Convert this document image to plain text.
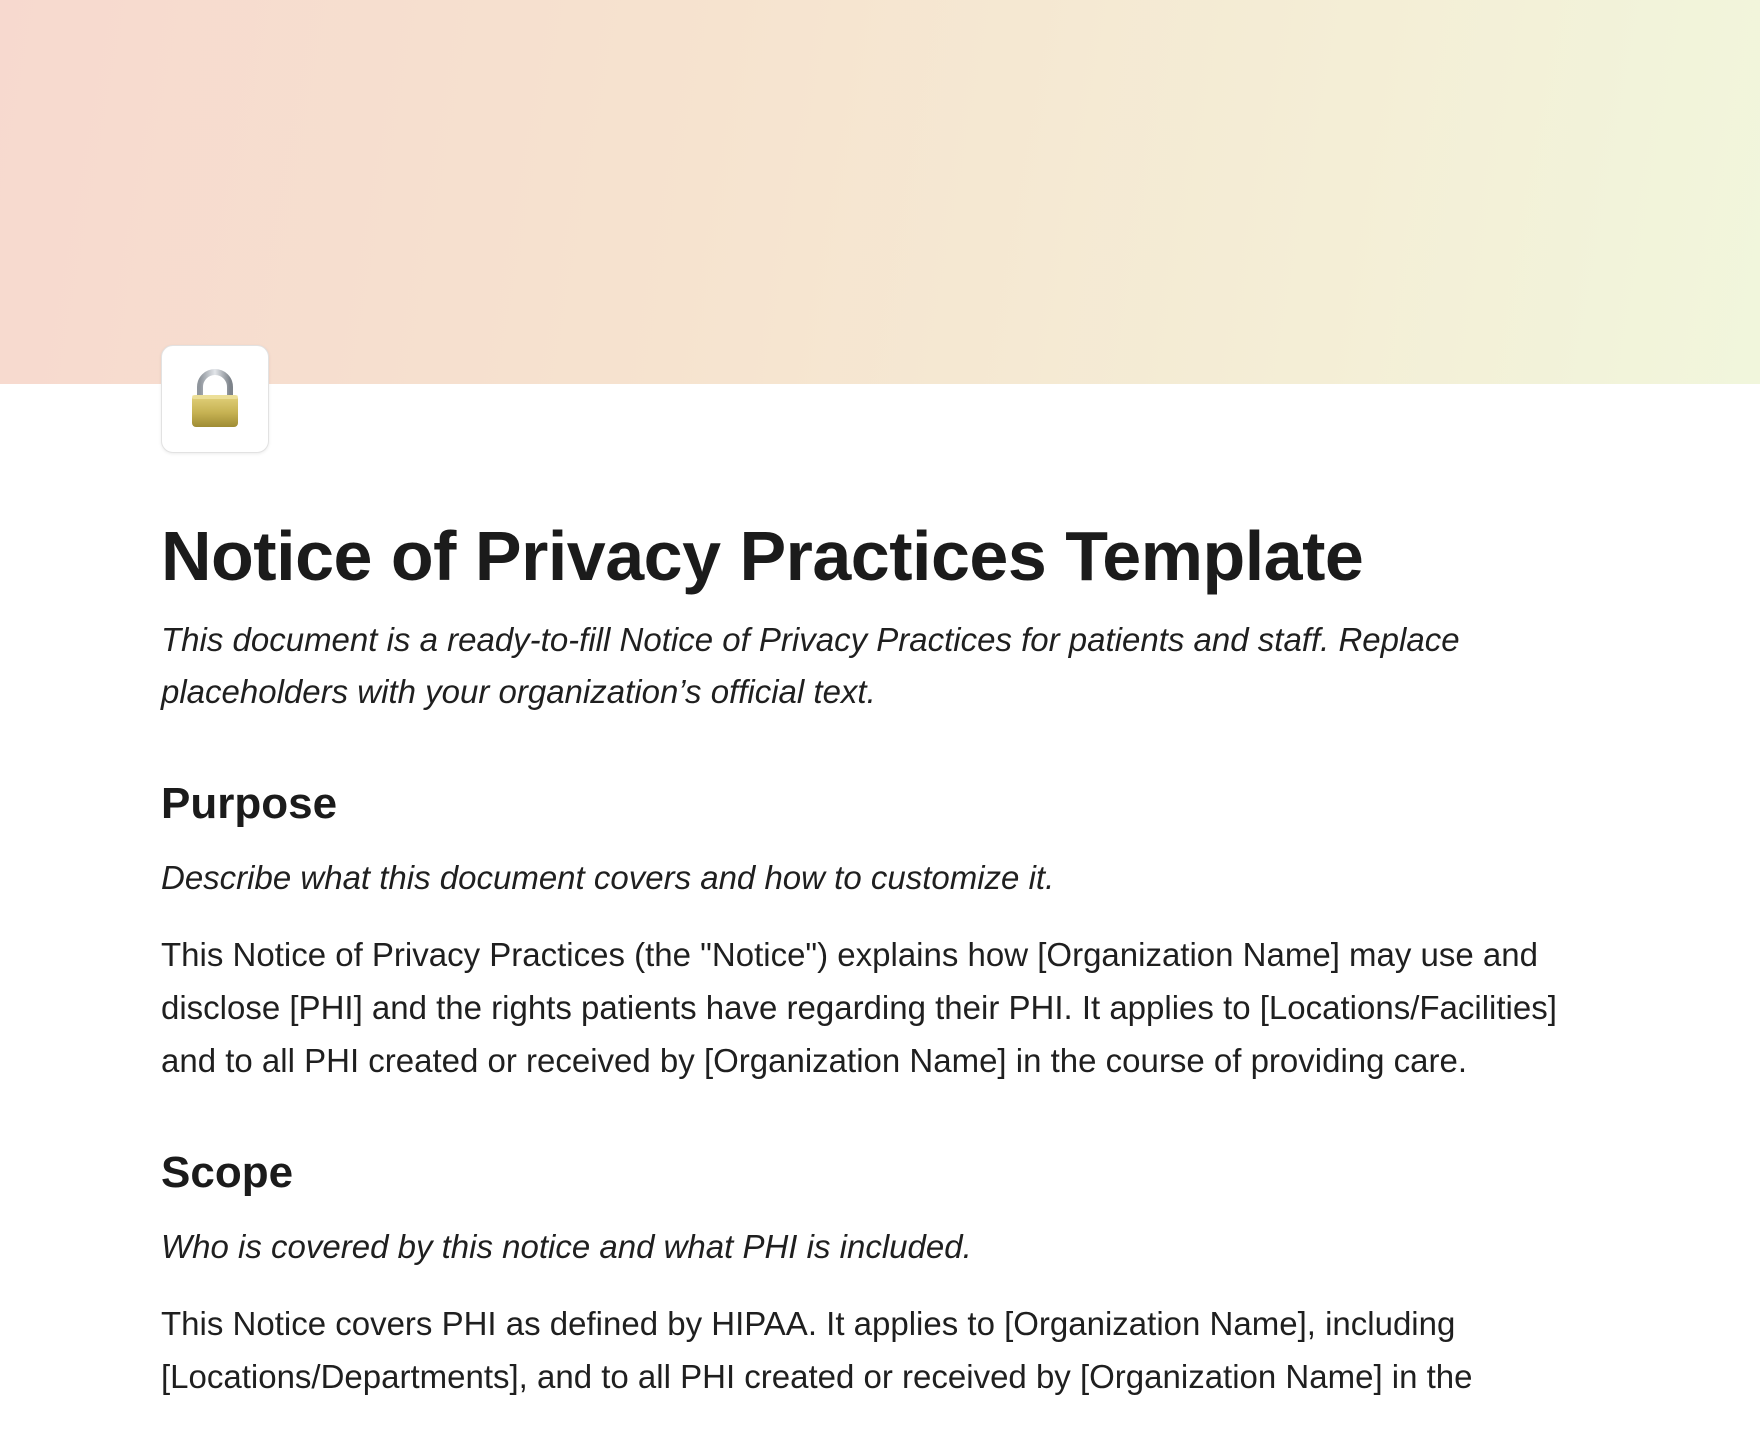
Notice of Privacy Practices Template

This document is a ready-to-fill Notice of Privacy Practices for patients and staff. Replace placeholders with your organization’s official text.

Purpose

Describe what this document covers and how to customize it.

This Notice of Privacy Practices (the "Notice") explains how [Organization Name] may use and disclose [PHI] and the rights patients have regarding their PHI. It applies to [Locations/Facilities] and to all PHI created or received by [Organization Name] in the course of providing care.

Scope

Who is covered by this notice and what PHI is included.

This Notice covers PHI as defined by HIPAA. It applies to [Organization Name], including [Locations/Departments], and to all PHI created or received by [Organization Name] in the
